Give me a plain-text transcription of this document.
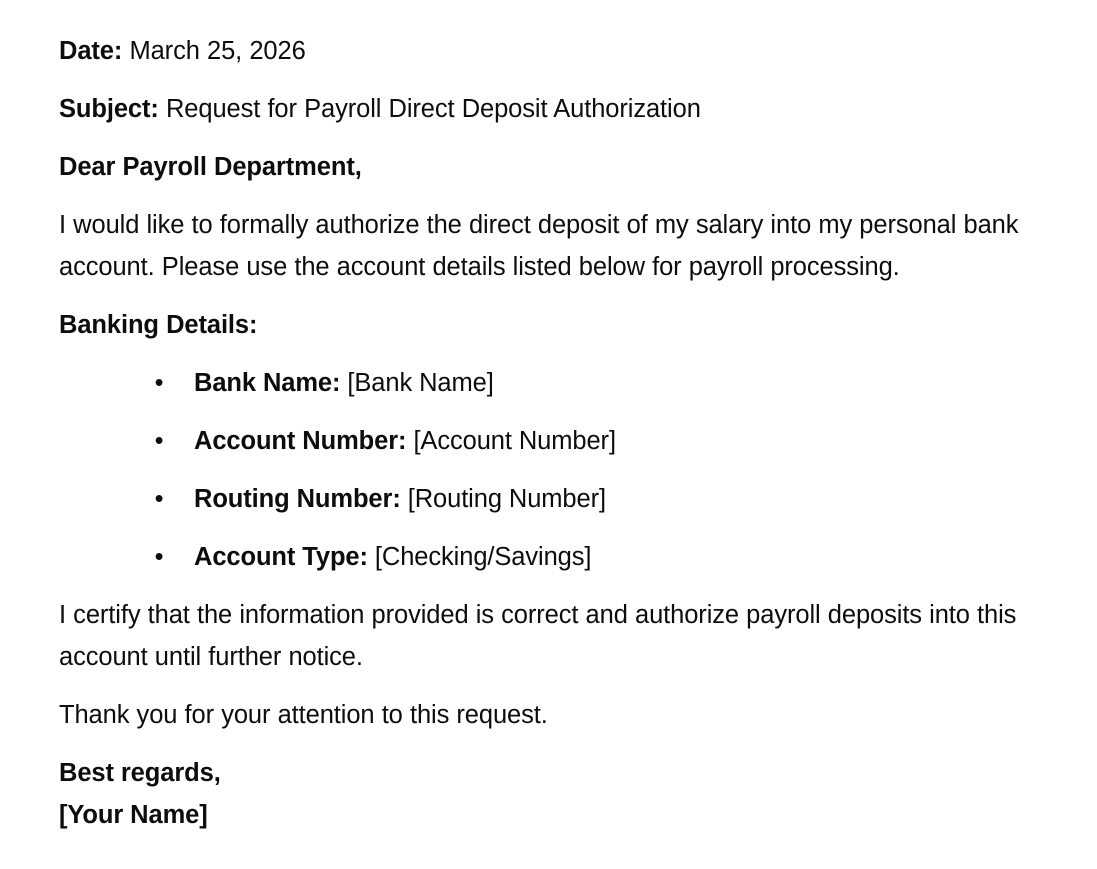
Date: March 25, 2026

Subject: Request for Payroll Direct Deposit Authorization

Dear Payroll Department,

I would like to formally authorize the direct deposit of my salary into my personal bank account. Please use the account details listed below for payroll processing.

Banking Details:

• Bank Name: [Bank Name]
• Account Number: [Account Number]
• Routing Number: [Routing Number]
• Account Type: [Checking/Savings]

I certify that the information provided is correct and authorize payroll deposits into this account until further notice.

Thank you for your attention to this request.

Best regards,
[Your Name]
